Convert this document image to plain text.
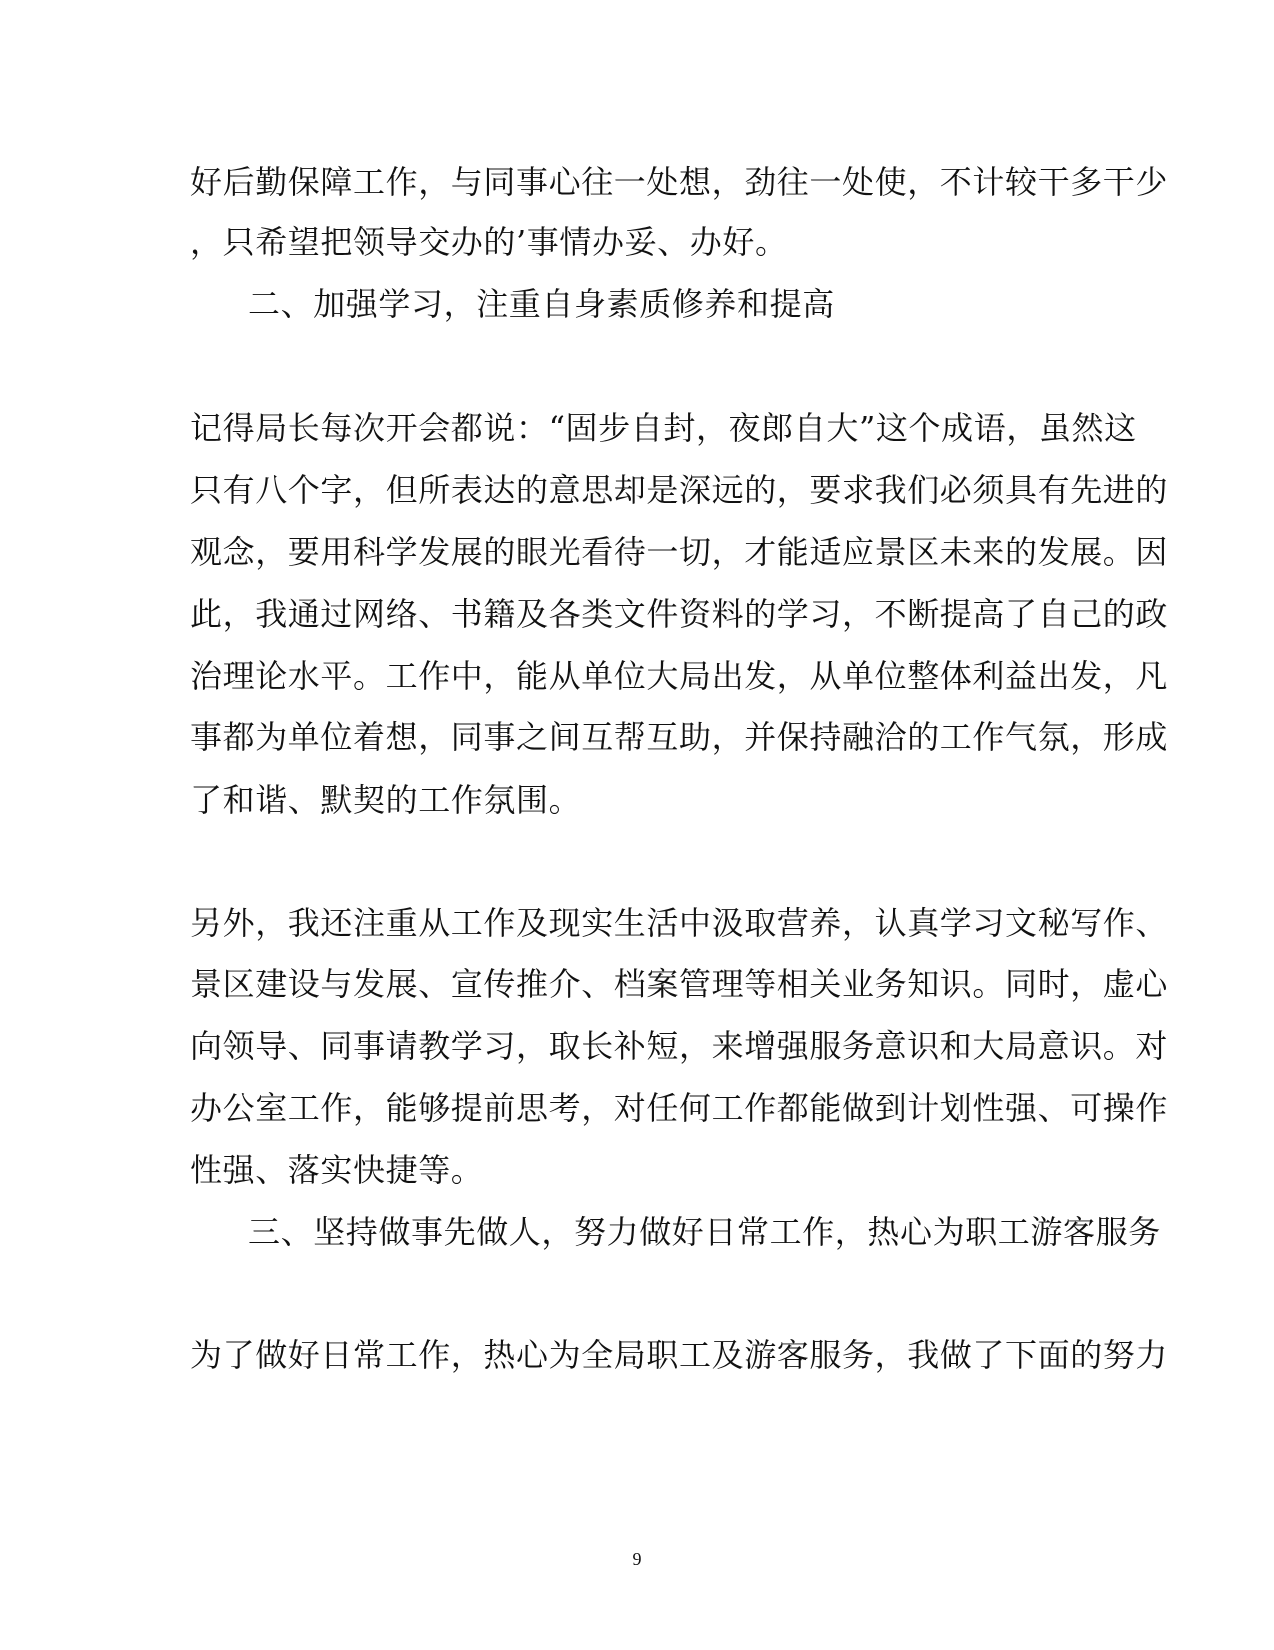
好后勤保障工作，与同事心往一处想，劲往一处使，不计较干多干少
，只希望把领导交办的’事情办妥、办好。
二、加强学习，注重自身素质修养和提高
记得局长每次开会都说：“固步自封，夜郎自大”这个成语，虽然这
只有八个字，但所表达的意思却是深远的，要求我们必须具有先进的
观念，要用科学发展的眼光看待一切，才能适应景区未来的发展。因
此，我通过网络、书籍及各类文件资料的学习，不断提高了自己的政
治理论水平。工作中，能从单位大局出发，从单位整体利益出发，凡
事都为单位着想，同事之间互帮互助，并保持融洽的工作气氛，形成
了和谐、默契的工作氛围。
另外，我还注重从工作及现实生活中汲取营养，认真学习文秘写作、
景区建设与发展、宣传推介、档案管理等相关业务知识。同时，虚心
向领导、同事请教学习，取长补短，来增强服务意识和大局意识。对
办公室工作，能够提前思考，对任何工作都能做到计划性强、可操作
性强、落实快捷等。
三、坚持做事先做人，努力做好日常工作，热心为职工游客服务
为了做好日常工作，热心为全局职工及游客服务，我做了下面的努力
9
